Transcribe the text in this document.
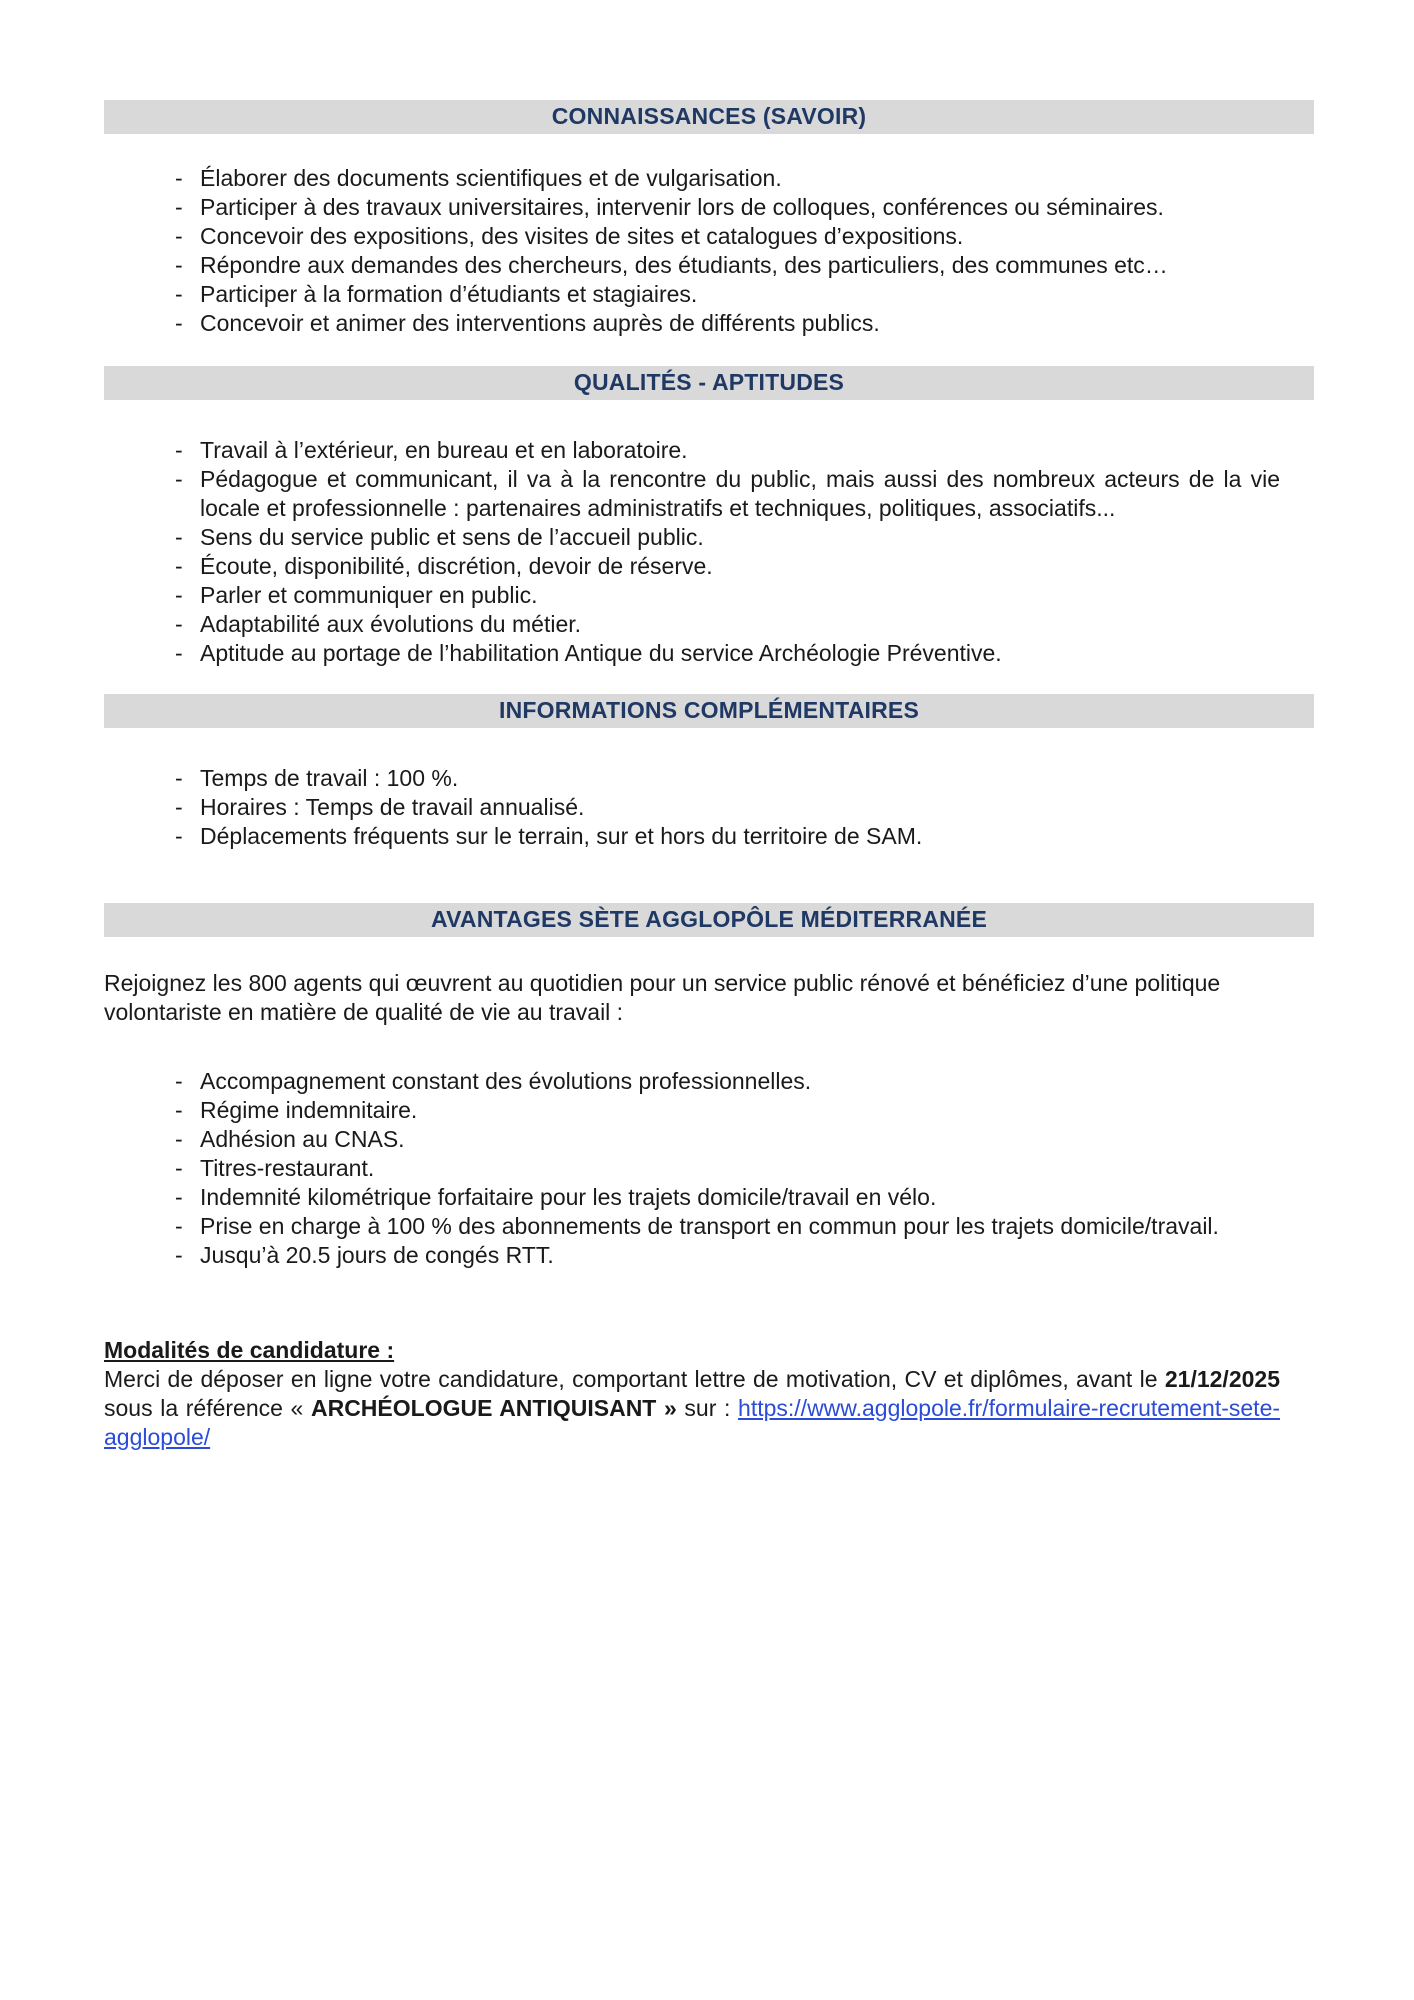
CONNAISSANCES (SAVOIR)
- Élaborer des documents scientifiques et de vulgarisation.
- Participer à des travaux universitaires, intervenir lors de colloques, conférences ou séminaires.
- Concevoir des expositions, des visites de sites et catalogues d’expositions.
- Répondre aux demandes des chercheurs, des étudiants, des particuliers, des communes etc…
- Participer à la formation d’étudiants et stagiaires.
- Concevoir et animer des interventions auprès de différents publics.
QUALITÉS - APTITUDES
- Travail à l’extérieur, en bureau et en laboratoire.
- Pédagogue et communicant, il va à la rencontre du public, mais aussi des nombreux acteurs de la vie locale et professionnelle : partenaires administratifs et techniques, politiques, associatifs...
- Sens du service public et sens de l’accueil public.
- Écoute, disponibilité, discrétion, devoir de réserve.
- Parler et communiquer en public.
- Adaptabilité aux évolutions du métier.
- Aptitude au portage de l’habilitation Antique du service Archéologie Préventive.
INFORMATIONS COMPLÉMENTAIRES
- Temps de travail : 100 %.
- Horaires : Temps de travail annualisé.
- Déplacements fréquents sur le terrain, sur et hors du territoire de SAM.
AVANTAGES SÈTE AGGLOPÔLE MÉDITERRANÉE

Rejoignez les 800 agents qui œuvrent au quotidien pour un service public rénové et bénéficiez d’une politique volontariste en matière de qualité de vie au travail :

- Accompagnement constant des évolutions professionnelles.
- Régime indemnitaire.
- Adhésion au CNAS.
- Titres-restaurant.
- Indemnité kilométrique forfaitaire pour les trajets domicile/travail en vélo.
- Prise en charge à 100 % des abonnements de transport en commun pour les trajets domicile/travail.
- Jusqu’à 20.5 jours de congés RTT.

Modalités de candidature :

Merci de déposer en ligne votre candidature, comportant lettre de motivation, CV et diplômes, avant le 21/12/2025 sous la référence « ARCHÉOLOGUE ANTIQUISANT » sur : https://www.agglopole.fr/formulaire-recrutement-sete-agglopole/
